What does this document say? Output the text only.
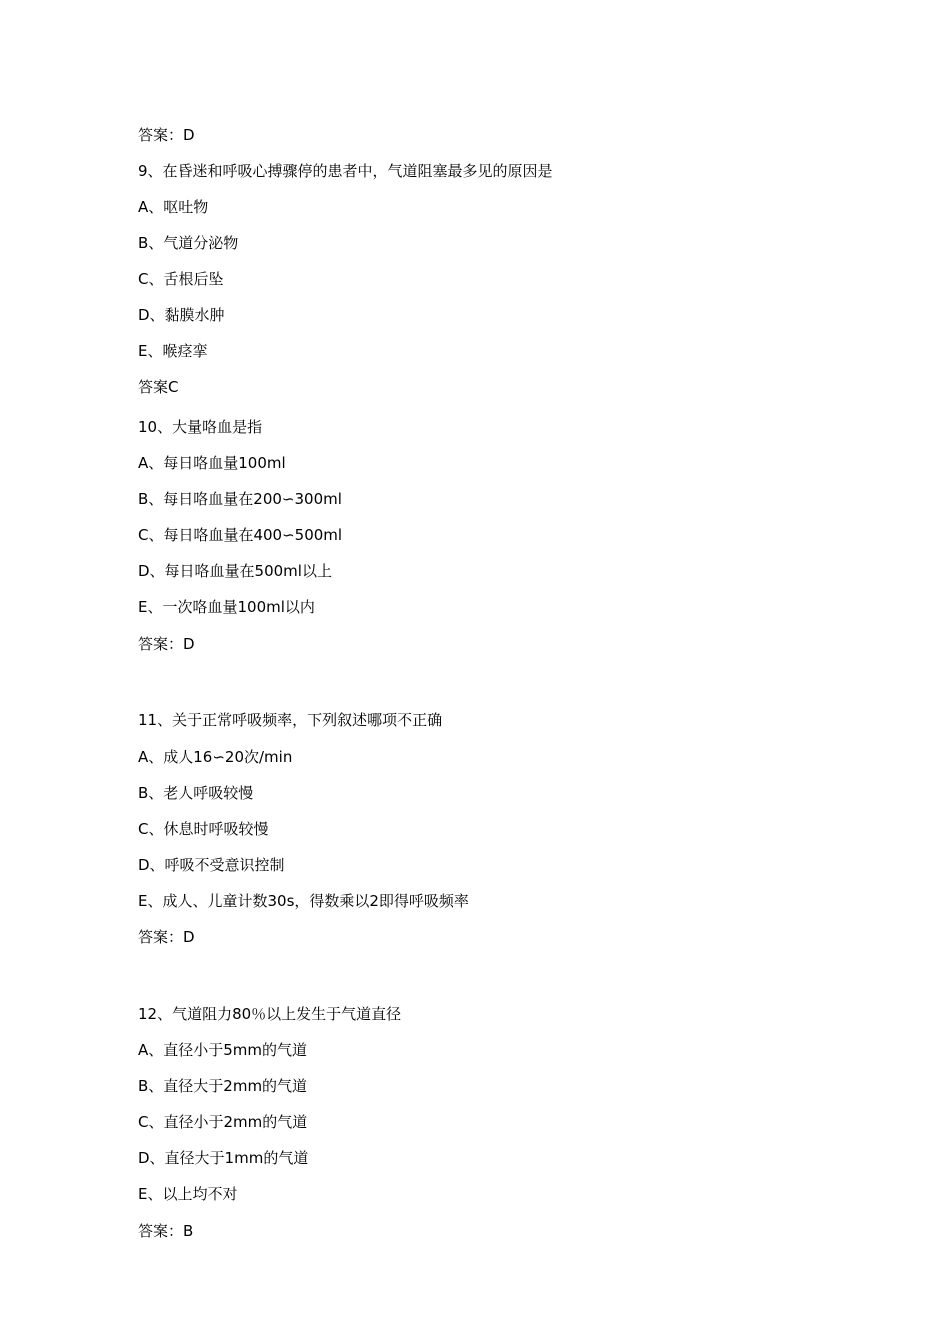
答案：D
9、在昏迷和呼吸心搏骤停的患者中，气道阻塞最多见的原因是
A、呕吐物
B、气道分泌物
C、舌根后坠
D、黏膜水肿
E、喉痉挛
答案C
10、大量咯血是指
A、每日咯血量100ml
B、每日咯血量在200∽300ml
C、每日咯血量在400∽500ml
D、每日咯血量在500ml以上
E、一次咯血量100ml以内
答案：D
11、关于正常呼吸频率，下列叙述哪项不正确
A、成人16∽20次/min
B、老人呼吸较慢
C、休息时呼吸较慢
D、呼吸不受意识控制
E、成人、儿童计数30s，得数乘以2即得呼吸频率
答案：D
12、气道阻力80％以上发生于气道直径
A、直径小于5mm的气道
B、直径大于2mm的气道
C、直径小于2mm的气道
D、直径大于1mm的气道
E、以上均不对
答案：B
